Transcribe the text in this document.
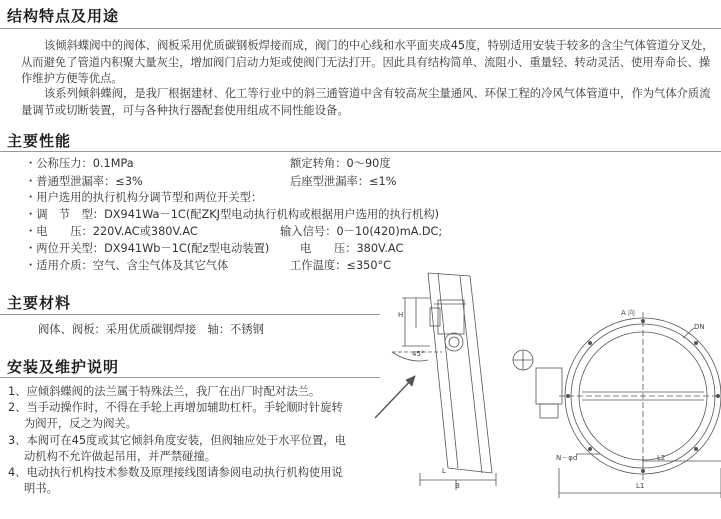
结构特点及用途
该倾斜蝶阀中的阀体、阀板采用优质碳钢板焊接而成，阀门的中心线和水平面夹成45度，特别适用安装于较多的含尘气体管道分叉处，从而避免了管道内积聚大量灰尘，增加阀门启动力矩或使阀门无法打开。因此具有结构简单、流阻小、重量轻、转动灵活、使用寿命长、操作维护方便等优点。
该系列倾斜蝶阀，是我厂根据建材、化工等行业中的斜三通管道中含有较高灰尘量通风、环保工程的冷风气体管道中，作为气体介质流量调节或切断装置，可与各种执行器配套使用组成不同性能设备。
主要性能
・公称压力：0.1MPa	额定转角：0～90度
・普通型泄漏率：≤3%	后座型泄漏率：≤1%
・用户选用的执行机构分调节型和两位开关型：
・调　节　型：DX941Wa－1C(配ZKJ型电动执行机构或根据用户选用的执行机构)
・电　　压：220V.AC或380V.AC	输入信号：0－10(420)mA.DC;
・两位开关型：DX941Wb－1C(配z型电动装置)	电　　压：380V.AC
・适用介质：空气、含尘气体及其它气体	工作温度：≤350°C
主要材料
阀体、阀板：采用优质碳钢焊接　轴：不锈钢
安装及维护说明
1、应倾斜蝶阀的法兰属于特殊法兰，我厂在出厂时配对法兰。
2、当手动操作时，不得在手轮上再增加辅助杠杆。手轮顺时针旋转为阀开，反之为阀关。
3、本阀可在45度或其它倾斜角度安装，但阀轴应处于水平位置，电动机构不允许做起吊用，并严禁碰撞。
4、电动执行机构技术参数及原理接线图请参阅电动执行机构使用说明书。
45°
H
B
L
A 向
DN
N－φd	L2
L1
